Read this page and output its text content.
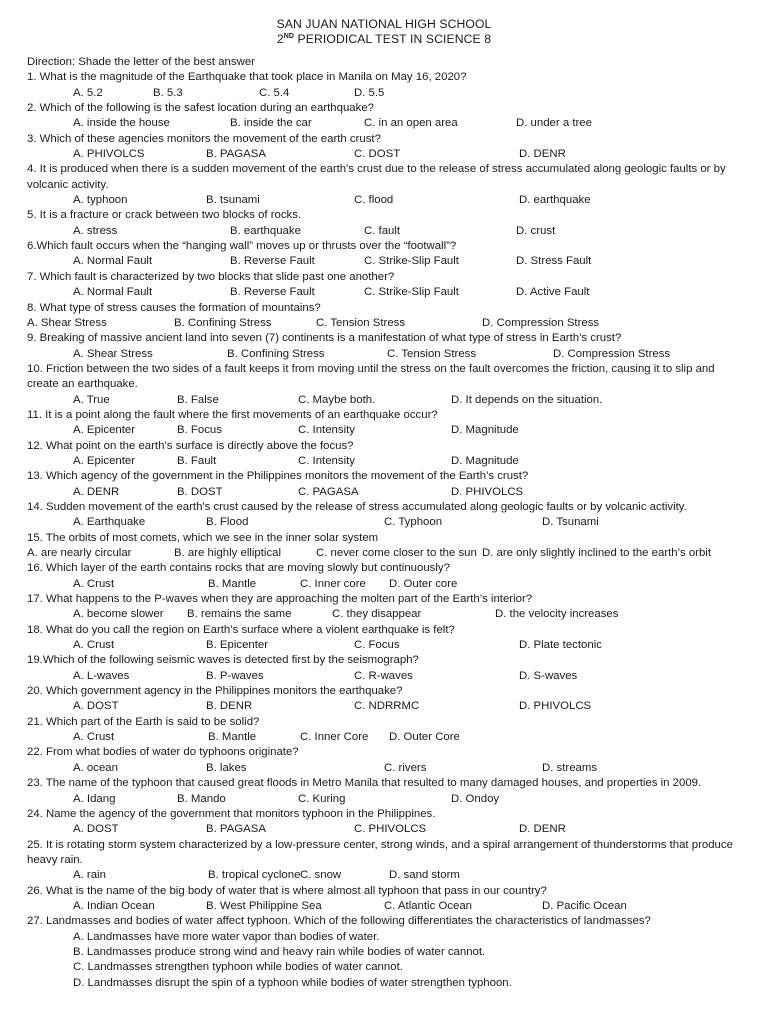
SAN JUAN NATIONAL HIGH SCHOOL
2ND PERIODICAL TEST IN SCIENCE 8
Direction: Shade the letter of the best answer
1. What is the magnitude of the Earthquake that took place in Manila on May 16, 2020?
A. 5.2	B. 5.3	C. 5.4	D. 5.5
2. Which of the following is the safest location during an earthquake?
A. inside the house	B. inside the car	C. in an open area	D. under a tree
3. Which of these agencies monitors the movement of the earth crust?
A. PHIVOLCS	B. PAGASA	C. DOST	D. DENR
4. It is produced when there is a sudden movement of the earth's crust due to the release of stress accumulated along geologic faults or by volcanic activity.
A. typhoon	B. tsunami	C. flood	D. earthquake
5. It is a fracture or crack between two blocks of rocks.
A. stress	B. earthquake	C. fault	D. crust
6.Which fault occurs when the “hanging wall” moves up or thrusts over the “footwall”?
A. Normal Fault	B. Reverse Fault	C. Strike-Slip Fault	D. Stress Fault
7. Which fault is characterized by two blocks that slide past one another?
A. Normal Fault	B. Reverse Fault	C. Strike-Slip Fault	D. Active Fault
8. What type of stress causes the formation of mountains?
A. Shear Stress	B. Confining Stress	C. Tension Stress	D. Compression Stress
9. Breaking of massive ancient land into seven (7) continents is a manifestation of what type of stress in Earth’s crust?
A. Shear Stress	B. Confining Stress	C. Tension Stress	D. Compression Stress
10. Friction between the two sides of a fault keeps it from moving until the stress on the fault overcomes the friction, causing it to slip and create an earthquake.
A. True	B. False	C. Maybe both.	D. It depends on the situation.
11. It is a point along the fault where the first movements of an earthquake occur?
A. Epicenter	B. Focus	C. Intensity	D. Magnitude
12. What point on the earth’s surface is directly above the focus?
A. Epicenter	B. Fault	C. Intensity	D. Magnitude
13. Which agency of the government in the Philippines monitors the movement of the Earth’s crust?
A. DENR	B. DOST	C. PAGASA	D. PHIVOLCS
14. Sudden movement of the earth's crust caused by the release of stress accumulated along geologic faults or by volcanic activity.
A. Earthquake	B. Flood	C. Typhoon	D. Tsunami
15. The orbits of most comets, which we see in the inner solar system
A. are nearly circular	B. are highly elliptical	C. never come closer to the sun D. are only slightly inclined to the earth’s orbit
16. Which layer of the earth contains rocks that are moving slowly but continuously?
A. Crust	B. Mantle	C. Inner core D. Outer core
17. What happens to the P-waves when they are approaching the molten part of the Earth’s interior?
A. become slower B. remains the same	C. they disappear	D. the velocity increases
18. What do you call the region on Earth’s surface where a violent earthquake is felt?
A. Crust	B. Epicenter	C. Focus	D. Plate tectonic
19.Which of the following seismic waves is detected first by the seismograph?
A. L-waves	B. P-waves	C. R-waves	D. S-waves
20. Which government agency in the Philippines monitors the earthquake?
A. DOST	B. DENR	C. NDRRMC	D. PHIVOLCS
21. Which part of the Earth is said to be solid?
A. Crust	B. Mantle	C. Inner Core D. Outer Core
22. From what bodies of water do typhoons originate?
A. ocean	B. lakes	C. rivers	D. streams
23. The name of the typhoon that caused great floods in Metro Manila that resulted to many damaged houses, and properties in 2009.
A. Idang	B. Mando	C. Kuring	D. Ondoy
24. Name the agency of the government that monitors typhoon in the Philippines.
A. DOST	B. PAGASA	C. PHIVOLCS	D. DENR
25. It is rotating storm system characterized by a low-pressure center, strong winds, and a spiral arrangement of thunderstorms that produce heavy rain.
A. rain	B. tropical cyclone C. snow	D. sand storm
26. What is the name of the big body of water that is where almost all typhoon that pass in our country?
A. Indian Ocean	B. West Philippine Sea	C. Atlantic Ocean	D. Pacific Ocean
27. Landmasses and bodies of water affect typhoon. Which of the following differentiates the characteristics of landmasses?
A. Landmasses have more water vapor than bodies of water.
B. Landmasses produce strong wind and heavy rain while bodies of water cannot.
C. Landmasses strengthen typhoon while bodies of water cannot.
D. Landmasses disrupt the spin of a typhoon while bodies of water strengthen typhoon.
